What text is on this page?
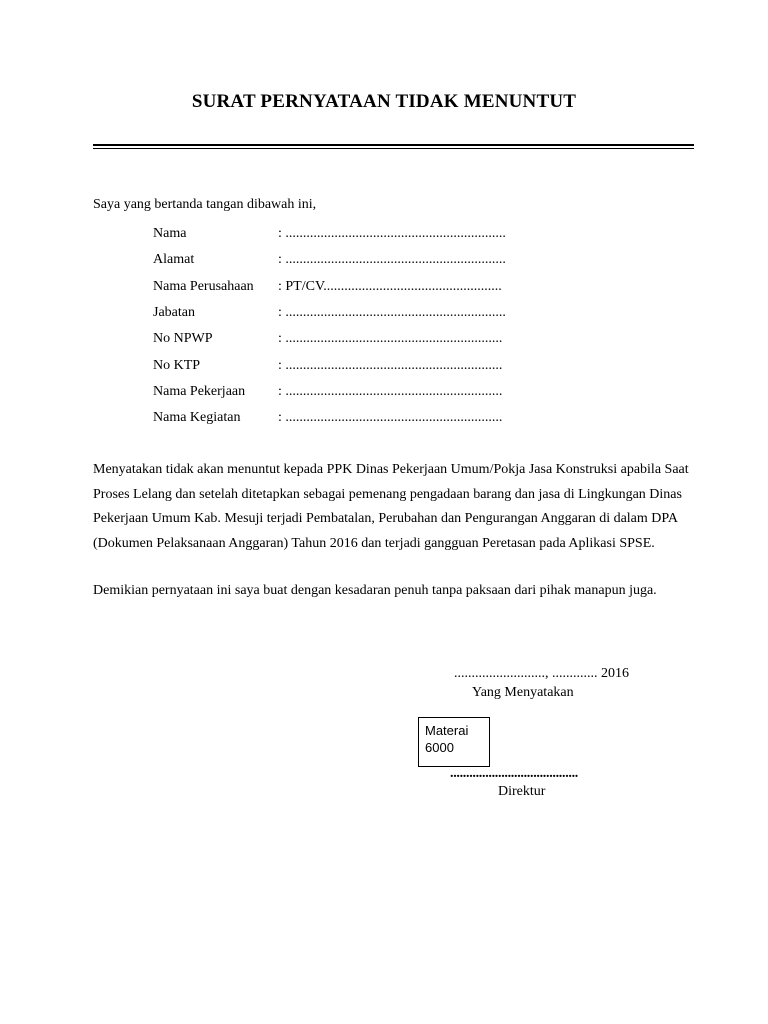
SURAT PERNYATAAN TIDAK MENUNTUT
Saya yang bertanda tangan dibawah ini,
Nama	: ...............................................................
Alamat	: ...............................................................
Nama Perusahaan	: PT/CV...................................................
Jabatan	: ...............................................................
No NPWP	: ..............................................................
No KTP	: ..............................................................
Nama Pekerjaan	: ..............................................................
Nama Kegiatan	: ..............................................................
Menyatakan tidak akan menuntut kepada PPK Dinas Pekerjaan Umum/Pokja Jasa Konstruksi apabila Saat Proses Lelang dan setelah ditetapkan sebagai pemenang pengadaan barang dan jasa di Lingkungan Dinas Pekerjaan Umum Kab. Mesuji terjadi Pembatalan, Perubahan dan Pengurangan Anggaran di dalam DPA (Dokumen Pelaksanaan Anggaran) Tahun 2016 dan terjadi gangguan Peretasan pada Aplikasi SPSE.
Demikian pernyataan ini saya buat dengan kesadaran penuh tanpa paksaan dari pihak manapun juga.
.........................., ............. 2016
Yang Menyatakan
Materai
6000
........................................
Direktur
